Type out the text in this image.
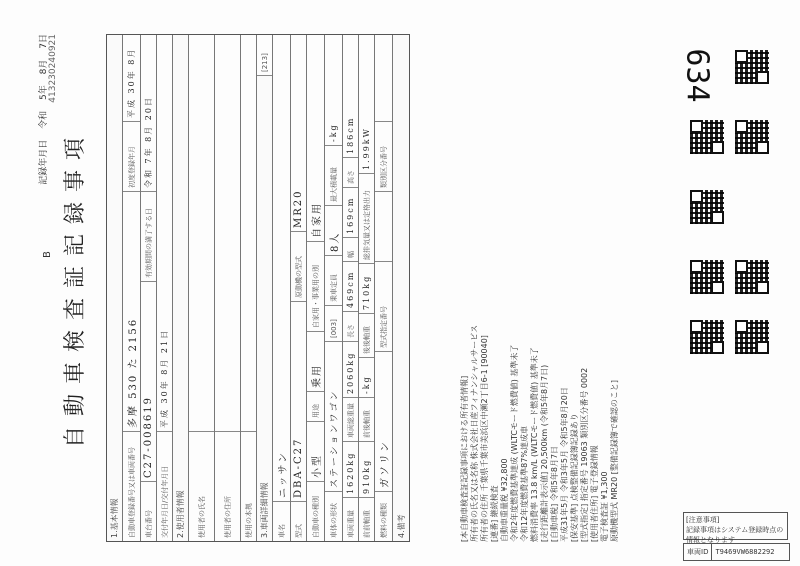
B
記録年月日 令和 5年 8月 7日 413230240921
自動車検査証記録事項
1.基本情報	自動車登録番号又は車両番号
多摩 530 た 2156
初度登録年月
平成 30年 8月
車台番号
C27-008619
有効期間の満了する日
令和 7年 8月 20日
交付年月日/交付年月日
平成 30年 8月 21日
2.使用者情報	使用者の氏名	使用者の住所	使用の本拠 3.車両詳細情報
[213]
車名
ニッサン
型式
DBA-C27
原動機の型式
MR20
自動車の種別
小型
用途
乗用
自家用・事業用の別
自家用
車体の形状
ステーションワゴン
[003]
乗車定員
8人
最大積載量
-kg
車両重量
1620kg
車両総重量
2060kg
長さ
469cm
幅
169cm
高さ
186cm
前前軸重
910kg
前後軸重
-kg
後後軸重
710kg
総排気量又は定格出力
1.99kW
燃料の種類
ガソリン
型式指定番号
類別区分番号
4.備考	[本自動車検査証記録事項における所有者情報] 所有者の氏名又は名称 株式会社日産フィナンシャルサービス 所有者の住所 千葉県千葉市美浜区中瀬2丁目6-1 [90040] [連番] 継続検査 自動車重量税 ¥32,800 令和2年度燃費基準達成 (WLTCモード燃費値) 基準未了 令和12年度燃費基準87%達成車 燃料消費率 13.8 km/L (WLTCモード燃費値) 基準未了 [走行距離計表示値] 20,500km (令和5年8月7日) [自動車税] 令和5年8月7日 平成31年5月 令和3年5月 令和5年8月20日 [保安基準] 点検整備記録簿記録あり [型式指定] 指定番号 19063 類別区分番号 0002 [使用者住所] 電子登録情報 電子検査証 ¥1,300 原動機型式 MR20 [整備記録簿で確認のこと]
634
[注意事項]
記録事項はシステム登録時点の情報となります
車両ID	T9469VW6882292
